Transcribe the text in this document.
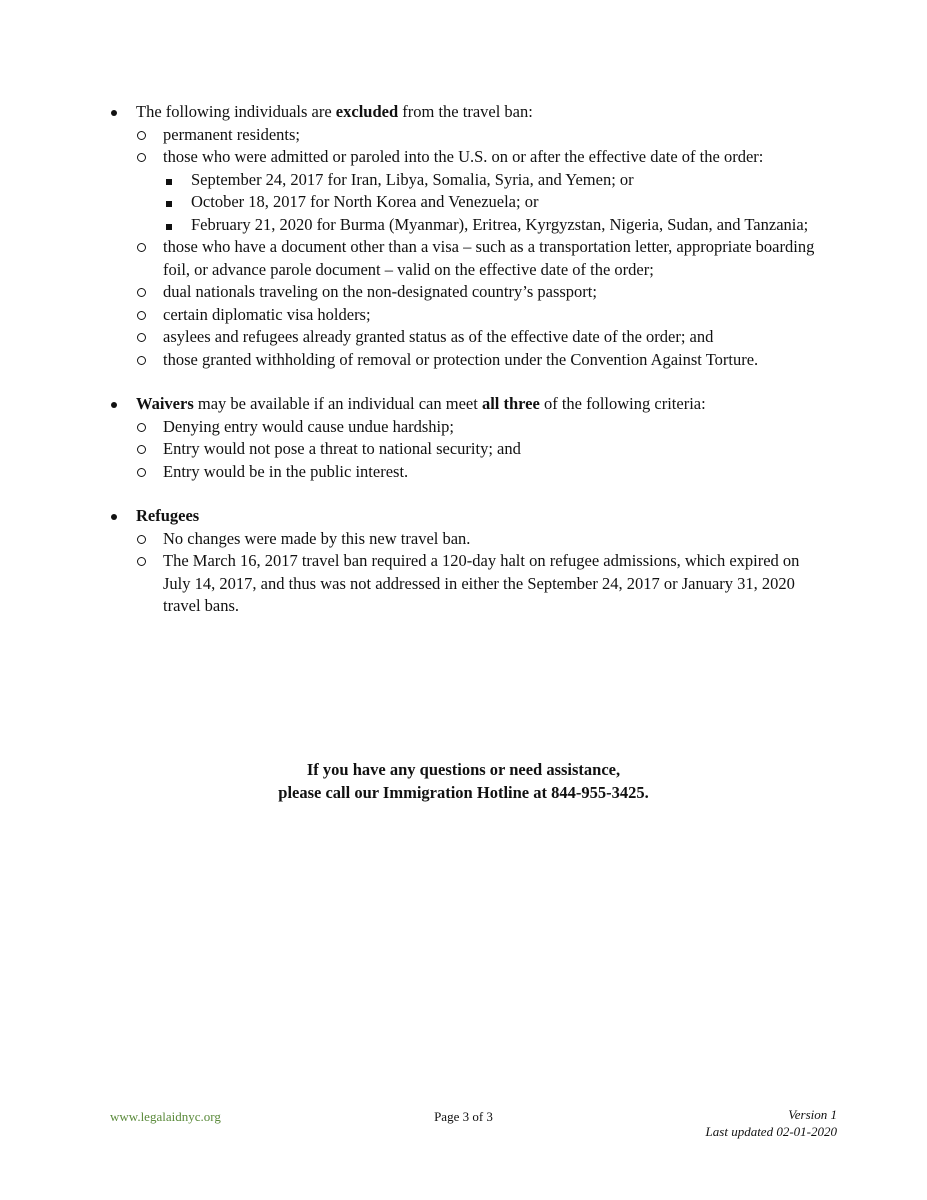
The following individuals are excluded from the travel ban:
permanent residents;
those who were admitted or paroled into the U.S. on or after the effective date of the order:
September 24, 2017 for Iran, Libya, Somalia, Syria, and Yemen; or
October 18, 2017 for North Korea and Venezuela; or
February 21, 2020 for Burma (Myanmar), Eritrea, Kyrgyzstan, Nigeria, Sudan, and Tanzania;
those who have a document other than a visa – such as a transportation letter, appropriate boarding foil, or advance parole document – valid on the effective date of the order;
dual nationals traveling on the non-designated country’s passport;
certain diplomatic visa holders;
asylees and refugees already granted status as of the effective date of the order; and
those granted withholding of removal or protection under the Convention Against Torture.
Waivers may be available if an individual can meet all three of the following criteria:
Denying entry would cause undue hardship;
Entry would not pose a threat to national security; and
Entry would be in the public interest.
Refugees
No changes were made by this new travel ban.
The March 16, 2017 travel ban required a 120-day halt on refugee admissions, which expired on July 14, 2017, and thus was not addressed in either the September 24, 2017 or January 31, 2020 travel bans.
If you have any questions or need assistance,
please call our Immigration Hotline at 844-955-3425.
www.legalaidnyc.org	Page 3 of 3	Version 1
Last updated 02-01-2020
